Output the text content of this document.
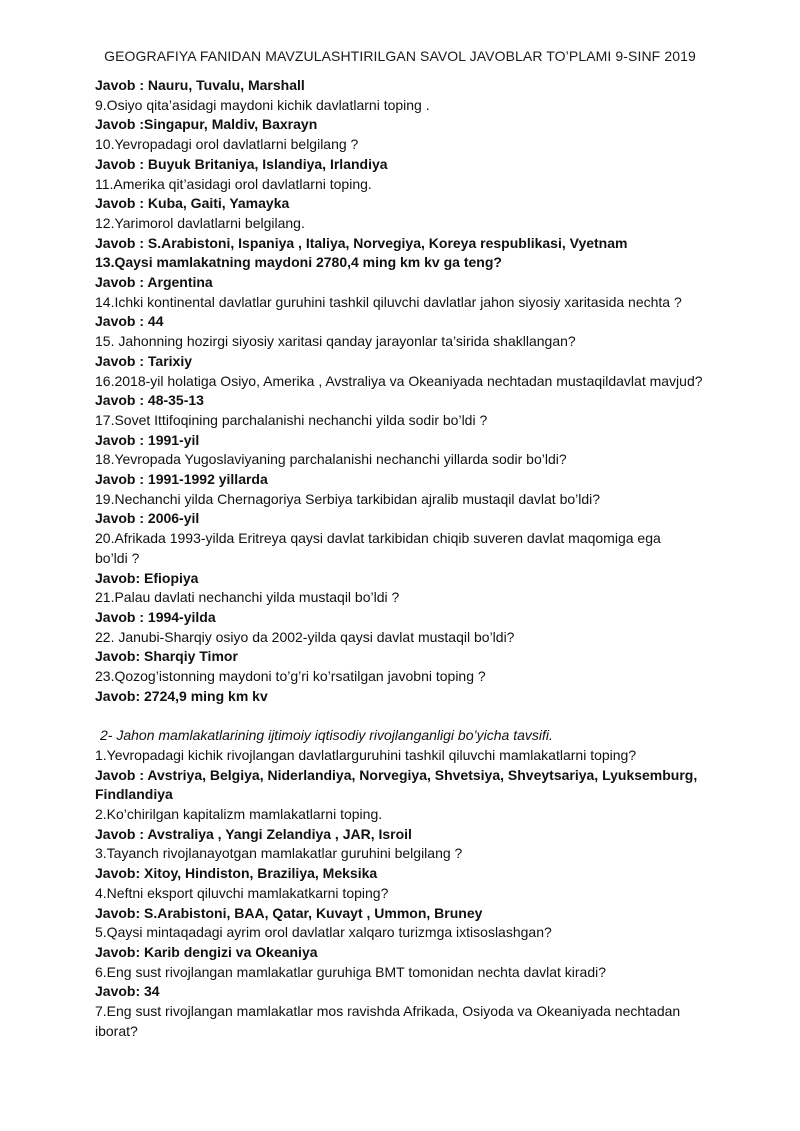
GEOGRAFIYA FANIDAN MAVZULASHTIRILGAN SAVOL JAVOBLAR TO’PLAMI 9-SINF 2019
Javob : Nauru, Tuvalu, Marshall
9.Osiyo qita’asidagi maydoni kichik davlatlarni toping .
Javob :Singapur, Maldiv, Baxrayn
10.Yevropadagi orol davlatlarni belgilang ?
Javob : Buyuk Britaniya, Islandiya, Irlandiya
11.Amerika qit’asidagi orol davlatlarni toping.
Javob : Kuba, Gaiti, Yamayka
12.Yarimorol davlatlarni belgilang.
Javob : S.Arabistoni, Ispaniya , Italiya, Norvegiya, Koreya respublikasi, Vyetnam
13.Qaysi mamlakatning maydoni 2780,4 ming km kv ga teng?
Javob : Argentina
14.Ichki kontinental davlatlar guruhini tashkil qiluvchi davlatlar jahon siyosiy xaritasida nechta ?
Javob : 44
15. Jahonning hozirgi siyosiy xaritasi qanday jarayonlar ta’sirida shakllangan?
Javob : Tarixiy
16.2018-yil holatiga Osiyo, Amerika , Avstraliya va Okeaniyada nechtadan mustaqildavlat mavjud?
Javob : 48-35-13
17.Sovet Ittifoqining parchalanishi nechanchi yilda sodir bo’ldi ?
Javob : 1991-yil
18.Yevropada Yugoslaviyaning parchalanishi nechanchi yillarda sodir bo’ldi?
Javob : 1991-1992 yillarda
19.Nechanchi yilda Chernagoriya Serbiya tarkibidan ajralib mustaqil davlat bo’ldi?
Javob : 2006-yil
20.Afrikada 1993-yilda Eritreya qaysi davlat tarkibidan chiqib suveren davlat maqomiga ega
bo’ldi ?
Javob: Efiopiya
21.Palau davlati nechanchi yilda mustaqil bo’ldi ?
Javob : 1994-yilda
22. Janubi-Sharqiy osiyo da 2002-yilda qaysi davlat mustaqil bo’ldi?
Javob: Sharqiy Timor
23.Qozog’istonning maydoni to’g’ri ko’rsatilgan javobni toping ?
Javob: 2724,9 ming km kv
2- Jahon mamlakatlarining ijtimoiy iqtisodiy rivojlanganligi bo’yicha tavsifi.
1.Yevropadagi kichik rivojlangan davlatlarguruhini tashkil qiluvchi mamlakatlarni toping?
Javob : Avstriya, Belgiya, Niderlandiya, Norvegiya, Shvetsiya, Shveytsariya, Lyuksemburg,
Findlandiya
2.Ko’chirilgan kapitalizm mamlakatlarni toping.
Javob : Avstraliya , Yangi Zelandiya , JAR, Isroil
3.Tayanch rivojlanayotgan mamlakatlar guruhini belgilang ?
Javob: Xitoy, Hindiston, Braziliya, Meksika
4.Neftni eksport qiluvchi mamlakatkarni toping?
Javob: S.Arabistoni, BAA, Qatar, Kuvayt , Ummon, Bruney
5.Qaysi mintaqadagi ayrim orol davlatlar xalqaro turizmga ixtisoslashgan?
Javob: Karib dengizi va Okeaniya
6.Eng sust rivojlangan mamlakatlar guruhiga BMT tomonidan nechta davlat kiradi?
Javob: 34
7.Eng sust rivojlangan mamlakatlar mos ravishda Afrikada, Osiyoda va Okeaniyada nechtadan
iborat?
